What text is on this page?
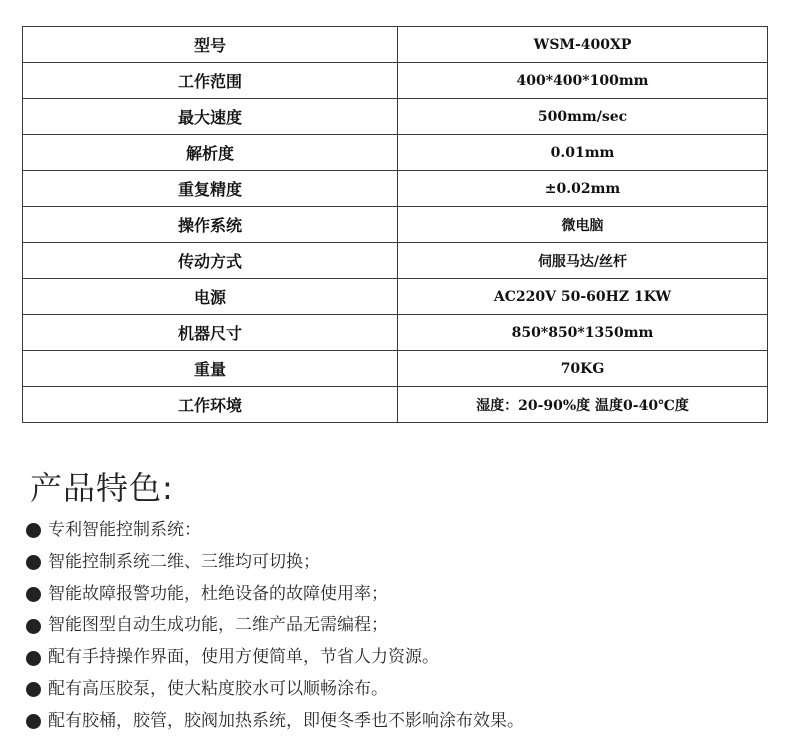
型号	WSM-400XP
工作范围	400*400*100mm
最大速度	500mm/sec
解析度	0.01mm
重复精度	±0.02mm
操作系统	微电脑
传动方式	伺服马达/丝杆
电源	AC220V 50-60HZ 1KW
机器尺寸	850*850*1350mm
重量	70KG
工作环境	湿度：20-90%度 温度0-40℃度
产品特色:
专利智能控制系统：
智能控制系统二维、三维均可切换；
智能故障报警功能，杜绝设备的故障使用率；
智能图型自动生成功能，二维产品无需编程；
配有手持操作界面，使用方便简单，节省人力资源。
配有高压胶泵，使大粘度胶水可以顺畅涂布。
配有胶桶，胶管，胶阀加热系统，即便冬季也不影响涂布效果。
